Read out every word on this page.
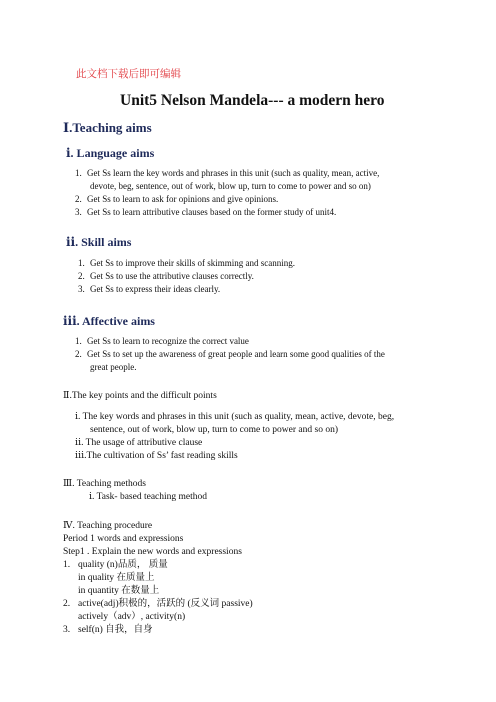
此文档下载后即可编辑
Unit5 Nelson Mandela--- a modern hero
Ⅰ.Teaching aims
ⅰ. Language aims
1. Get Ss learn the key words and phrases in this unit (such as quality, mean, active,
devote, beg, sentence, out of work, blow up, turn to come to power and so on)
2. Get Ss to learn to ask for opinions and give opinions.
3. Get Ss to learn attributive clauses based on the former study of unit4.
ⅱ. Skill aims
1. Get Ss to improve their skills of skimming and scanning.
2. Get Ss to use the attributive clauses correctly.
3. Get Ss to express their ideas clearly.
ⅲ. Affective aims
1. Get Ss to learn to recognize the correct value
2. Get Ss to set up the awareness of great people and learn some good qualities of the
great people.
Ⅱ.The key points and the difficult points
ⅰ. The key words and phrases in this unit (such as quality, mean, active, devote, beg,
sentence, out of work, blow up, turn to come to power and so on)
ⅱ. The usage of attributive clause
ⅲ.The cultivation of Ss’ fast reading skills
Ⅲ. Teaching methods
ⅰ. Task- based teaching method
Ⅳ. Teaching procedure
Period 1 words and expressions
Step1 . Explain the new words and expressions
1. quality (n)品质， 质量
in quality 在质量上
in quantity 在数量上
2. active(adj)积极的，活跃的 (反义词 passive)
actively（adv）, activity(n)
3. self(n) 自我，自身
